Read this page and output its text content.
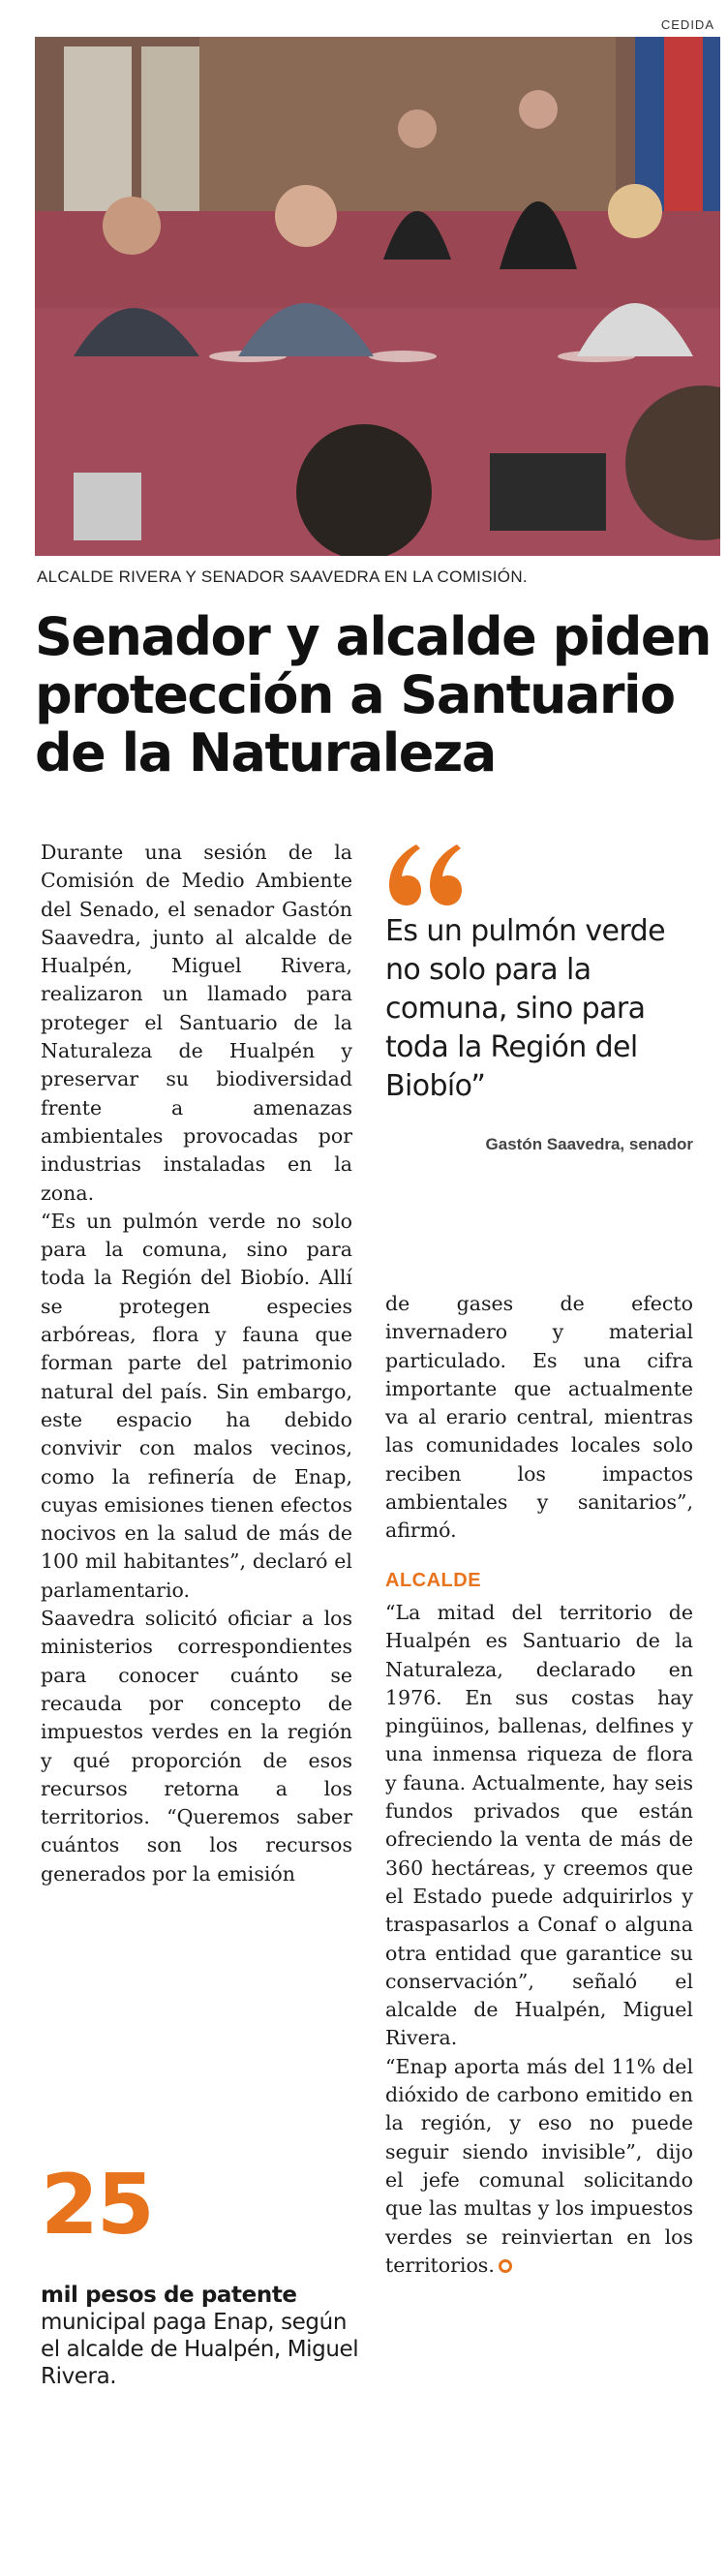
CEDIDA
ALCALDE RIVERA Y SENADOR SAAVEDRA EN LA COMISIÓN.
Senador y alcalde piden protección a Santuario de la Naturaleza

Durante una sesión de la Comisión de Medio Ambiente del Senado, el senador Gastón Saavedra, junto al alcalde de Hualpén, Miguel Rivera, realizaron un llamado para proteger el Santuario de la Naturaleza de Hualpén y preservar su biodiversidad frente a amenazas ambientales provocadas por industrias instaladas en la zona.

“Es un pulmón verde no solo para la comuna, sino para toda la Región del Biobío. Allí se protegen especies arbóreas, flora y fauna que forman parte del patrimonio natural del país. Sin embargo, este espacio ha debido convivir con malos vecinos, como la refinería de Enap, cuyas emisiones tienen efectos nocivos en la salud de más de 100 mil habitantes”, declaró el parlamentario.

Saavedra solicitó oficiar a los ministerios correspondientes para conocer cuánto se recauda por concepto de impuestos verdes en la región y qué proporción de esos recursos retorna a los territorios. “Queremos saber cuántos son los recursos generados por la emisión

Es un pulmón verde no solo para la comuna, sino para toda la Región del Biobío”
Gastón Saavedra, senador

de gases de efecto invernadero y material particulado. Es una cifra importante que actualmente va al erario central, mientras las comunidades locales solo reciben los impactos ambientales y sanitarios”, afirmó.

ALCALDE

“La mitad del territorio de Hualpén es Santuario de la Naturaleza, declarado en 1976. En sus costas hay pingüinos, ballenas, delfines y una inmensa riqueza de flora y fauna. Actualmente, hay seis fundos privados que están ofreciendo la venta de más de 360 hectáreas, y creemos que el Estado puede adquirirlos y traspasarlos a Conaf o alguna otra entidad que garantice su conservación”, señaló el alcalde de Hualpén, Miguel Rivera.

“Enap aporta más del 11% del dióxido de carbono emitido en la región, y eso no puede seguir siendo invisible”, dijo el jefe comunal solicitando que las multas y los impuestos verdes se reinviertan en los territorios.

25
mil pesos de patente
municipal paga Enap, según el alcalde de Hualpén, Miguel Rivera.
